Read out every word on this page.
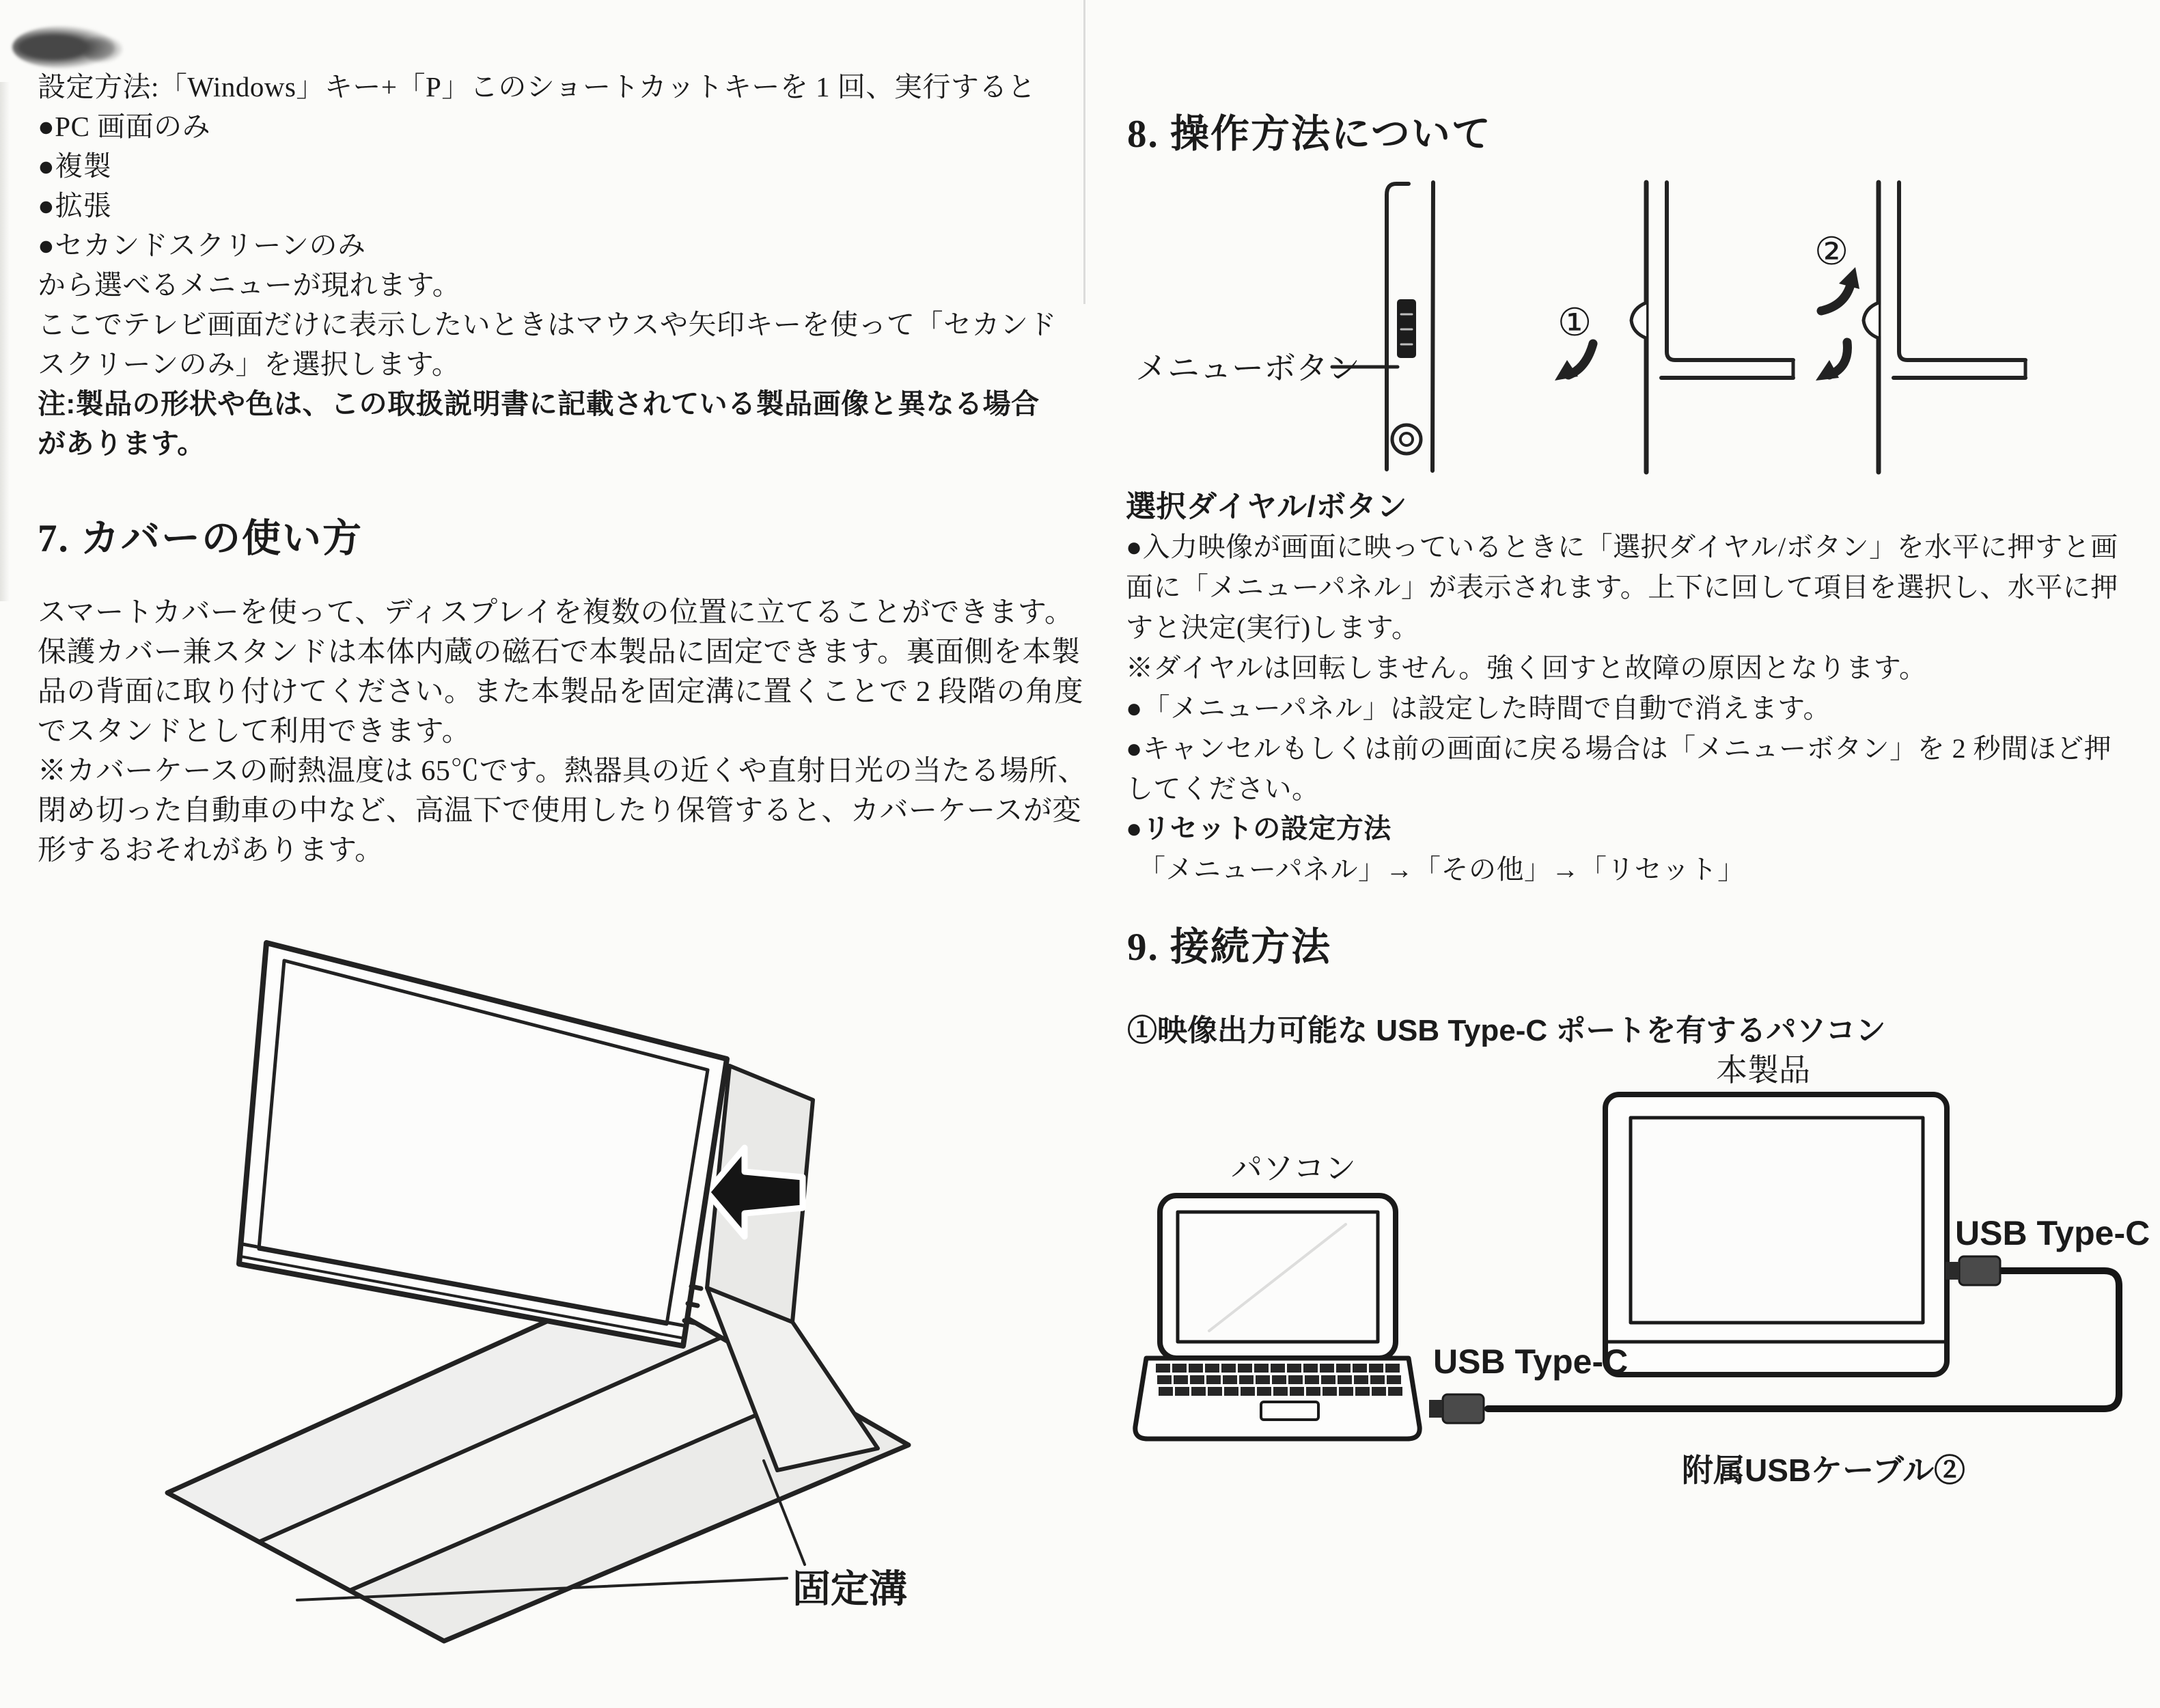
設定方法:「Windows」キー+「P」このショートカットキーを 1 回、実行すると
●PC 画面のみ
●複製
●拡張
●セカンドスクリーンのみ
から選べるメニューが現れます。
ここでテレビ画面だけに表示したいときはマウスや矢印キーを使って「セカンド
スクリーンのみ」を選択します。
注:製品の形状や色は、この取扱説明書に記載されている製品画像と異なる場合
があります。
7. カバーの使い方
スマートカバーを使って、ディスプレイを複数の位置に立てることができます。
保護カバー兼スタンドは本体内蔵の磁石で本製品に固定できます。裏面側を本製
品の背面に取り付けてください。また本製品を固定溝に置くことで 2 段階の角度
でスタンドとして利用できます。
※カバーケースの耐熱温度は 65℃です。熱器具の近くや直射日光の当たる場所、
閉め切った自動車の中など、高温下で使用したり保管すると、カバーケースが変
形するおそれがあります。
固定溝
8. 操作方法について
メニューボタン
①
②
選択ダイヤル/ボタン
●入力映像が画面に映っているときに「選択ダイヤル/ボタン」を水平に押すと画
面に「メニューパネル」が表示されます。上下に回して項目を選択し、水平に押
すと決定(実行)します。
※ダイヤルは回転しません。強く回すと故障の原因となります。
●「メニューパネル」は設定した時間で自動で消えます。
●キャンセルもしくは前の画面に戻る場合は「メニューボタン」を 2 秒間ほど押
してください。
●リセットの設定方法
「メニューパネル」→「その他」→「リセット」
9. 接続方法
①映像出力可能な USB Type-C ポートを有するパソコン
本製品
パソコン
USB Type-C
USB Type-C
附属USBケーブル②
